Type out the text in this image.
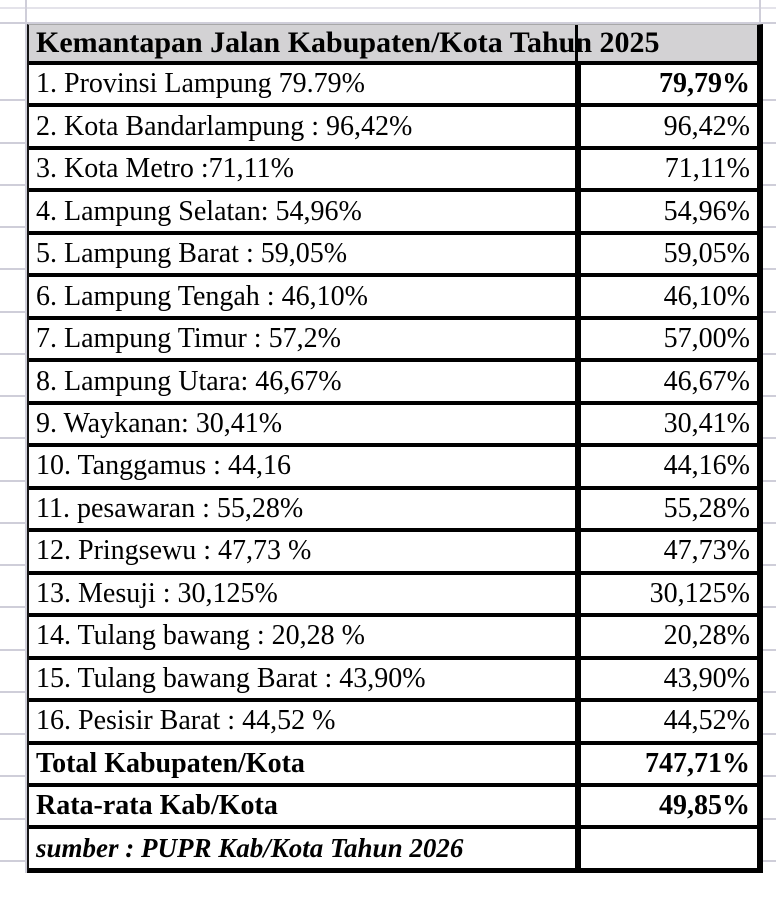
Kemantapan Jalan Kabupaten/Kota Tahun 2025
1. Provinsi Lampung 79.79%	79,79%
2. Kota Bandarlampung : 96,42%	96,42%
3. Kota Metro :71,11%	71,11%
4. Lampung Selatan: 54,96%	54,96%
5. Lampung Barat : 59,05%	59,05%
6. Lampung Tengah : 46,10%	46,10%
7. Lampung Timur : 57,2%	57,00%
8. Lampung Utara: 46,67%	46,67%
9. Waykanan: 30,41%	30,41%
10. Tanggamus : 44,16	44,16%
11. pesawaran : 55,28%	55,28%
12. Pringsewu : 47,73 %	47,73%
13. Mesuji : 30,125%	30,125%
14. Tulang bawang : 20,28 %	20,28%
15. Tulang bawang Barat : 43,90%	43,90%
16. Pesisir Barat : 44,52 %	44,52%
Total Kabupaten/Kota	747,71%
Rata-rata Kab/Kota	49,85%
sumber : PUPR Kab/Kota Tahun 2026
